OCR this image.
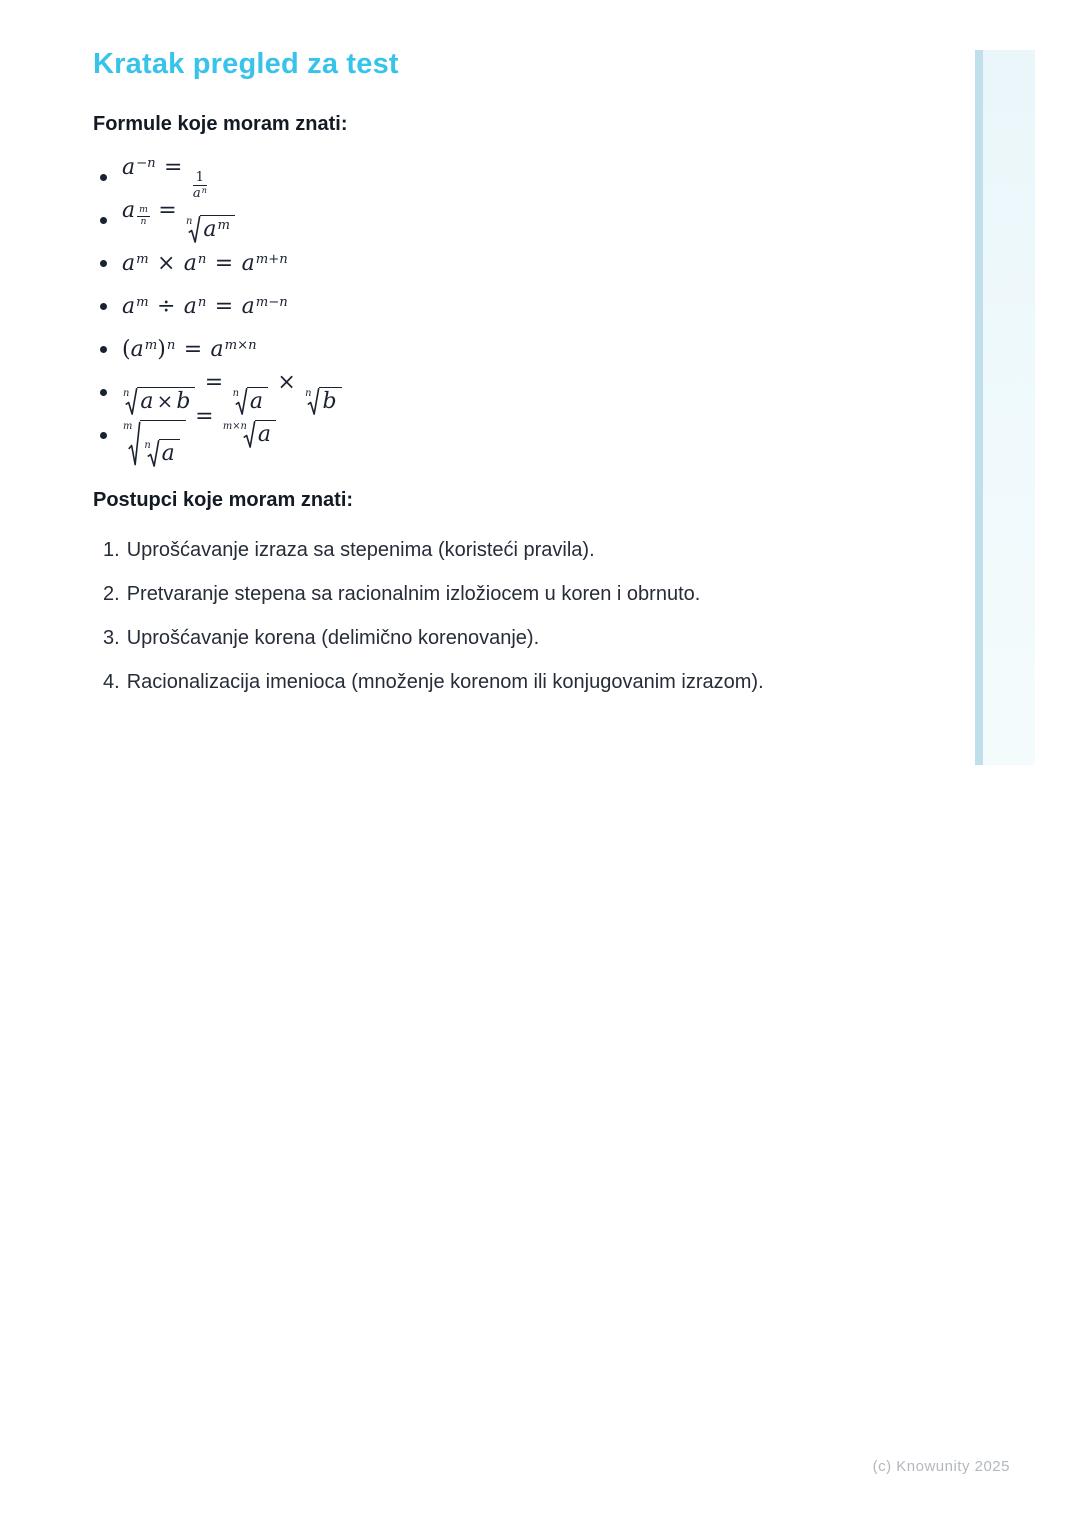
Kratak pregled za test
Formule koje moram znati:
$a^{-n}$ =
$\frac{1}{a^n}$
a $\frac{m}{n} = n$ $a^m$
$a^m \times a^n = a^{m+n}$
$a^m \div a^n = a^{m-n}$
$(a^m)^n = a^{m\times n}$
n a × b
= n a
× n b
m
n a
= m×n a
Postupci koje moram znati:
1. Uprošćavanje izraza sa stepenima (koristeći pravila).
2. Pretvaranje stepena sa racionalnim izložiocem u koren i obrnuto.
3. Uprošćavanje korena (delimično korenovanje).
4. Racionalizacija imenioca (množenje korenom ili konjugovanim izrazom).
(c) Knowunity 2025
